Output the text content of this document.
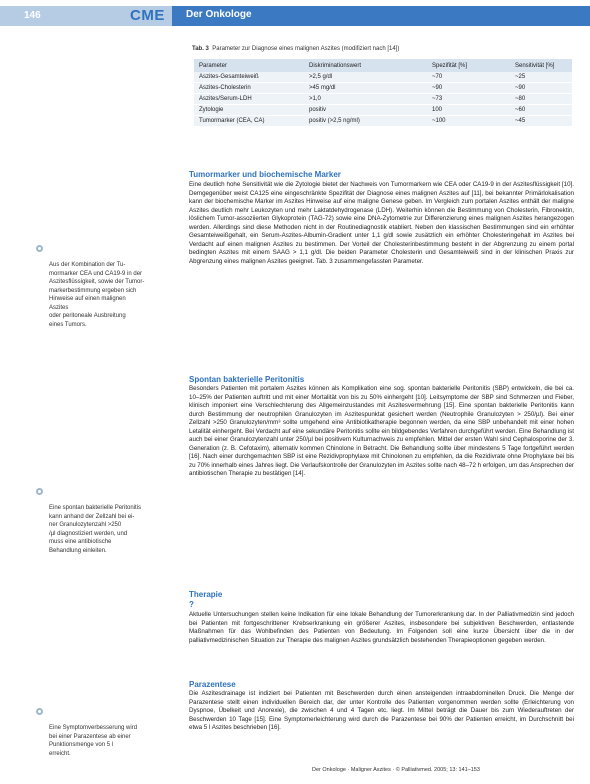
146	CME Der Onkologe
Tab. 3 Parameter zur Diagnose eines malignen Aszites (modifiziert nach [14])
Parameter	Diskriminationswert	Spezifität [%]	Sensitivität [%]
Aszites-Gesamteiweiß	>2,5 g/dl	~70	~25
Aszites-Cholesterin	>45 mg/dl	~90	~90
Aszites/Serum-LDH	>1,0	~73	~80
Zytologie	positiv	100	~60
Tumormarker (CEA, CA)	positiv (>2,5 ng/ml)	~100	~45

Aus der Kombination der Tu-
mormarker CEA und CA19-9 in der
Aszitesflüssigkeit, sowie der Tumor-
markerbestimmung ergeben sich
Hinweise auf einen malignen Aszites
oder peritoneale Ausbreitung
eines Tumors.

Eine spontan bakterielle Peritonitis
kann anhand der Zellzahl bei ei-
ner Granulozytenzahl >250
/µl diagnostiziert werden, und
muss eine antibiotische
Behandlung einleiten.

Eine Symptomverbesserung wird
bei einer Parazentese ab einer
Punktionsmenge von 5 l
erreicht.

Tumormarker und biochemische Marker
Eine deutlich hohe Sensitivität wie die Zytologie bietet der Nachweis von Tumormarkern wie CEA oder CA19-9 in der Aszitesflüssigkeit [10]. Demgegenüber weist CA125 eine eingeschränkte Spezifität der Diagnose eines malignen Aszites auf [11], bei bekannter Primärlokalisation kann der biochemische Marker im Aszites Hinweise auf eine maligne Genese geben. Im Vergleich zum portalen Aszites enthält der maligne Aszites deutlich mehr Leukozyten und mehr Laktatdehydrogenase (LDH). Weiterhin können die Bestimmung von Cholesterin, Fibronektin, löslichem Tumor-assoziierten Glykoprotein (TAG-72) sowie eine DNA-Zytometrie zur Differenzierung eines malignen Aszites herangezogen werden. Allerdings sind diese Methoden nicht in der Routinediagnostik etabliert. Neben den klassischen Bestimmungen sind ein erhöhter Gesamteiweißgehalt, ein Serum-Aszites-Albumin-Gradient unter 1,1 g/dl sowie zusätzlich ein erhöhter Cholesteringehalt im Aszites bei Verdacht auf einen malignen Aszites zu bestimmen. Der Vorteil der Cholesterinbestimmung besteht in der Abgrenzung zu einem portal bedingten Aszites mit einem SAAG > 1,1 g/dl. Die beiden Parameter Cholesterin und Gesamteiweiß sind in der klinischen Praxis zur Abgrenzung eines malignen Aszites geeignet. Tab. 3 zusammengefassten Parameter.
Spontan bakterielle Peritonitis
Besonders Patienten mit portalem Aszites können als Komplikation eine sog. spontan bakterielle Peritonitis (SBP) entwickeln, die bei ca. 10–25% der Patienten auftritt und mit einer Mortalität von bis zu 50% einhergeht [10]. Leitsymptome der SBP sind Schmerzen und Fieber, klinisch imponiert eine Verschlechterung des Allgemeinzustandes mit Aszitesvermehrung [15]. Eine spontan bakterielle Peritonitis kann durch Bestimmung der neutrophilen Granulozyten im Aszitespunktat gesichert werden (Neutrophile Granulozyten > 250/µl). Bei einer Zellzahl >250 Granulozyten/mm³ sollte umgehend eine Antibiotikatherapie begonnen werden, da eine SBP unbehandelt mit einer hohen Letalität einhergeht. Bei Verdacht auf eine sekundäre Peritonitis sollte ein bildgebendes Verfahren durchgeführt werden. Eine Behandlung ist auch bei einer Granulozytenzahl unter 250/µl bei positivem Kulturnachweis zu empfehlen. Mittel der ersten Wahl sind Cephalosporine der 3. Generation (z. B. Cefotaxim), alternativ kommen Chinolone in Betracht. Die Behandlung sollte über mindestens 5 Tage fortgeführt werden [16]. Nach einer durchgemachten SBP ist eine Rezidivprophylaxe mit Chinolonen zu empfehlen, da die Rezidivrate ohne Prophylaxe bei bis zu 70% innerhalb eines Jahres liegt. Die Verlaufskontrolle der Granulozyten im Aszites sollte nach 48–72 h erfolgen, um das Ansprechen der antibiotischen Therapie zu bestätigen [14].
Therapie
?
Aktuelle Untersuchungen stellen keine Indikation für eine lokale Behandlung der Tumorerkrankung dar. In der Palliativmedizin sind jedoch bei Patienten mit fortgeschrittener Krebserkrankung ein größerer Aszites, insbesondere bei subjektiven Beschwerden, entlastende Maßnahmen für das Wohlbefinden des Patienten von Bedeutung. Im Folgenden soll eine kurze Übersicht über die in der palliativmedizinischen Situation zur Therapie des malignen Aszites grundsätzlich bestehenden Therapieoptionen gegeben werden.
Parazentese
Die Aszitesdrainage ist indiziert bei Patienten mit Beschwerden durch einen ansteigenden intraabdominellen Druck. Die Menge der Parazentese stellt einen individuellen Bereich dar, der unter Kontrolle des Patienten vorgenommen werden sollte (Erleichterung von Dyspnoe, Übelkeit und Anorexie), die zwischen 4 und 4 Tagen etc. liegt. Im Mittel beträgt die Dauer bis zum Wiederauftreten der Beschwerden 10 Tage [15]. Eine Symptomerleichterung wird durch die Parazentese bei 90% der Patienten erreicht, im Durchschnitt bei etwa 5 l Aszites beschrieben [16].
Der Onkologe · Maligner Aszites · © Palliativmed. 2005; 13: 141–153
